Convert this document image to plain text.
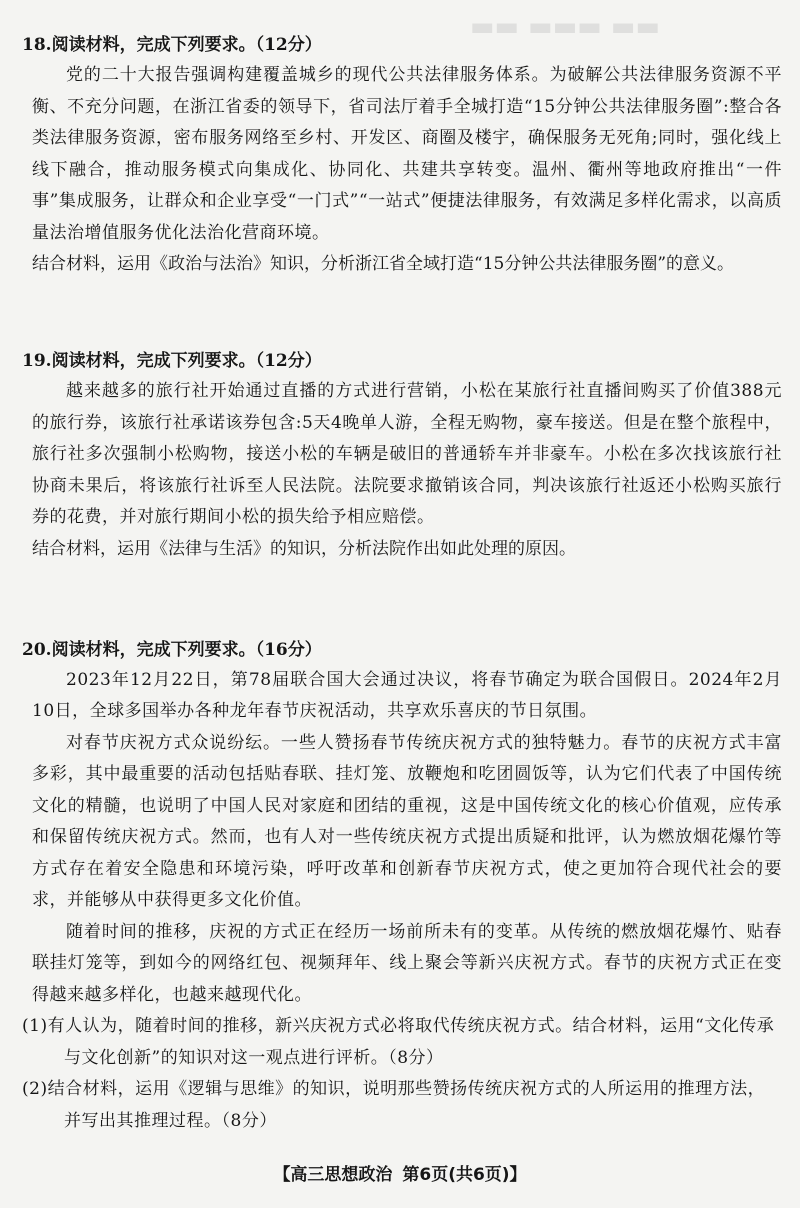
▬▬ ▬▬▬ ▬▬
18.阅读材料，完成下列要求。（12分）

党的二十大报告强调构建覆盖城乡的现代公共法律服务体系。为破解公共法律服务资源不平衡、不充分问题，在浙江省委的领导下，省司法厅着手全城打造“15分钟公共法律服务圈”:整合各类法律服务资源，密布服务网络至乡村、开发区、商圈及楼宇，确保服务无死角;同时，强化线上线下融合，推动服务模式向集成化、协同化、共建共享转变。温州、衢州等地政府推出“一件事”集成服务，让群众和企业享受“一门式”“一站式”便捷法律服务，有效满足多样化需求，以高质量法治增值服务优化法治化营商环境。

结合材料，运用《政治与法治》知识，分析浙江省全域打造“15分钟公共法律服务圈”的意义。

19.阅读材料，完成下列要求。（12分）

越来越多的旅行社开始通过直播的方式进行营销，小松在某旅行社直播间购买了价值388元的旅行券，该旅行社承诺该券包含:5天4晚单人游，全程无购物，豪车接送。但是在整个旅程中，旅行社多次强制小松购物，接送小松的车辆是破旧的普通轿车并非豪车。小松在多次找该旅行社协商未果后，将该旅行社诉至人民法院。法院要求撤销该合同，判决该旅行社返还小松购买旅行券的花费，并对旅行期间小松的损失给予相应赔偿。

结合材料，运用《法律与生活》的知识，分析法院作出如此处理的原因。

20.阅读材料，完成下列要求。（16分）

2023年12月22日，第78届联合国大会通过决议，将春节确定为联合国假日。2024年2月10日，全球多国举办各种龙年春节庆祝活动，共享欢乐喜庆的节日氛围。

对春节庆祝方式众说纷纭。一些人赞扬春节传统庆祝方式的独特魅力。春节的庆祝方式丰富多彩，其中最重要的活动包括贴春联、挂灯笼、放鞭炮和吃团圆饭等，认为它们代表了中国传统文化的精髓，也说明了中国人民对家庭和团结的重视，这是中国传统文化的核心价值观，应传承和保留传统庆祝方式。然而，也有人对一些传统庆祝方式提出质疑和批评，认为燃放烟花爆竹等方式存在着安全隐患和环境污染，呼吁改革和创新春节庆祝方式，使之更加符合现代社会的要求，并能够从中获得更多文化价值。

随着时间的推移，庆祝的方式正在经历一场前所未有的变革。从传统的燃放烟花爆竹、贴春联挂灯笼等，到如今的网络红包、视频拜年、线上聚会等新兴庆祝方式。春节的庆祝方式正在变得越来越多样化，也越来越现代化。

(1)有人认为，随着时间的推移，新兴庆祝方式必将取代传统庆祝方式。结合材料，运用“文化传承与文化创新”的知识对这一观点进行评析。（8分）

(2)结合材料，运用《逻辑与思维》的知识，说明那些赞扬传统庆祝方式的人所运用的推理方法，并写出其推理过程。（8分）

【高三思想政治 第6页(共6页)】
